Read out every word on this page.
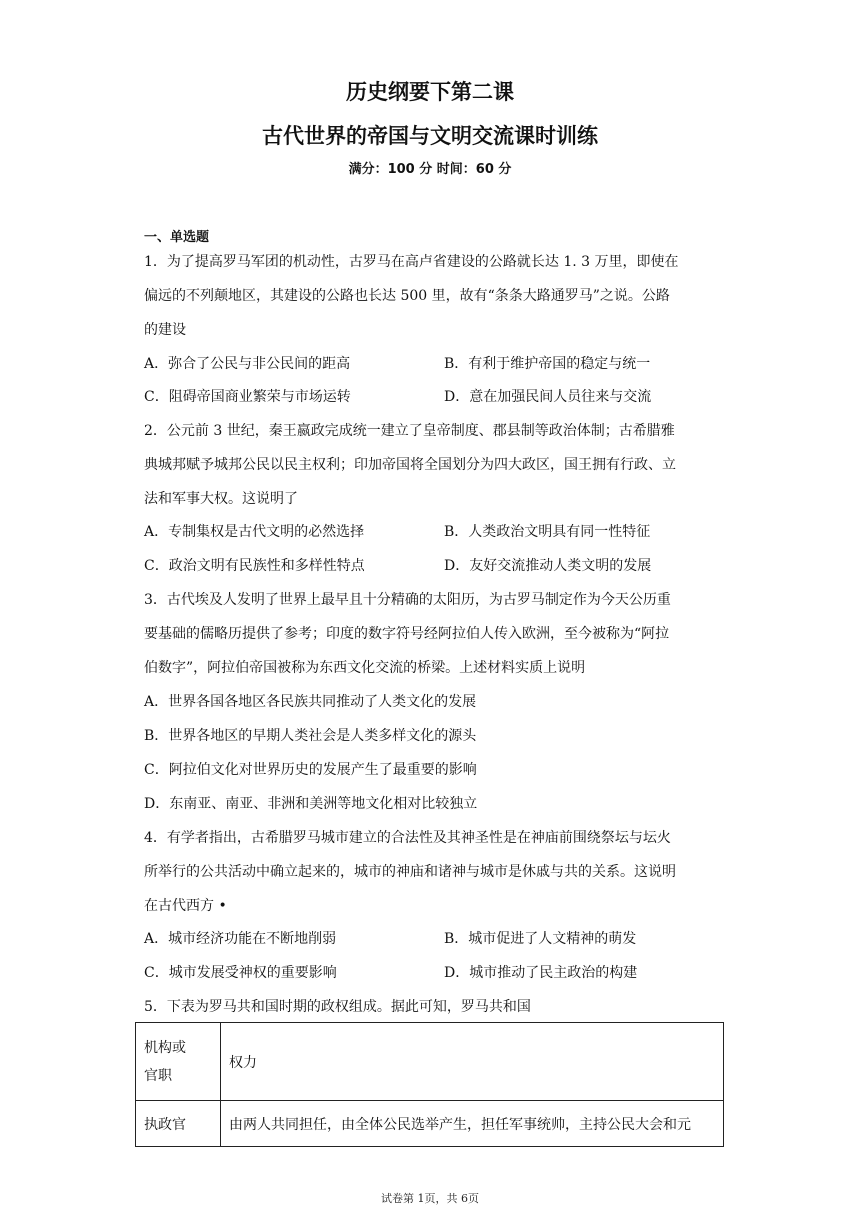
历史纲要下第二课
古代世界的帝国与文明交流课时训练
满分：100 分 时间：60 分
一、单选题
1．为了提高罗马军团的机动性，古罗马在高卢省建设的公路就长达 1. 3 万里，即使在
偏远的不列颠地区，其建设的公路也长达 500 里，故有“条条大路通罗马”之说。公路
的建设
A．弥合了公民与非公民间的距高	B．有利于维护帝国的稳定与统一
C．阻碍帝国商业繁荣与市场运转	D．意在加强民间人员往来与交流
2．公元前 3 世纪，秦王嬴政完成统一建立了皇帝制度、郡县制等政治体制；古希腊雅
典城邦赋予城邦公民以民主权利；印加帝国将全国划分为四大政区，国王拥有行政、立
法和军事大权。这说明了
A．专制集权是古代文明的必然选择	B．人类政治文明具有同一性特征
C．政治文明有民族性和多样性特点	D．友好交流推动人类文明的发展
3．古代埃及人发明了世界上最早且十分精确的太阳历，为古罗马制定作为今天公历重
要基础的儒略历提供了参考；印度的数字符号经阿拉伯人传入欧洲，至今被称为“阿拉
伯数字”，阿拉伯帝国被称为东西文化交流的桥梁。上述材料实质上说明
A．世界各国各地区各民族共同推动了人类文化的发展
B．世界各地区的早期人类社会是人类多样文化的源头
C．阿拉伯文化对世界历史的发展产生了最重要的影响
D．东南亚、南亚、非洲和美洲等地文化相对比较独立
4．有学者指出，古希腊罗马城市建立的合法性及其神圣性是在神庙前围绕祭坛与坛火
所举行的公共活动中确立起来的，城市的神庙和诸神与城市是休戚与共的关系。这说明
在古代西方 •
A．城市经济功能在不断地削弱	B．城市促进了人文精神的萌发
C．城市发展受神权的重要影响	D．城市推动了民主政治的构建
5．下表为罗马共和国时期的政权组成。据此可知，罗马共和国
机构或
官职	权力
执政官	由两人共同担任，由全体公民选举产生，担任军事统帅，主持公民大会和元
试卷第 1页，共 6页
